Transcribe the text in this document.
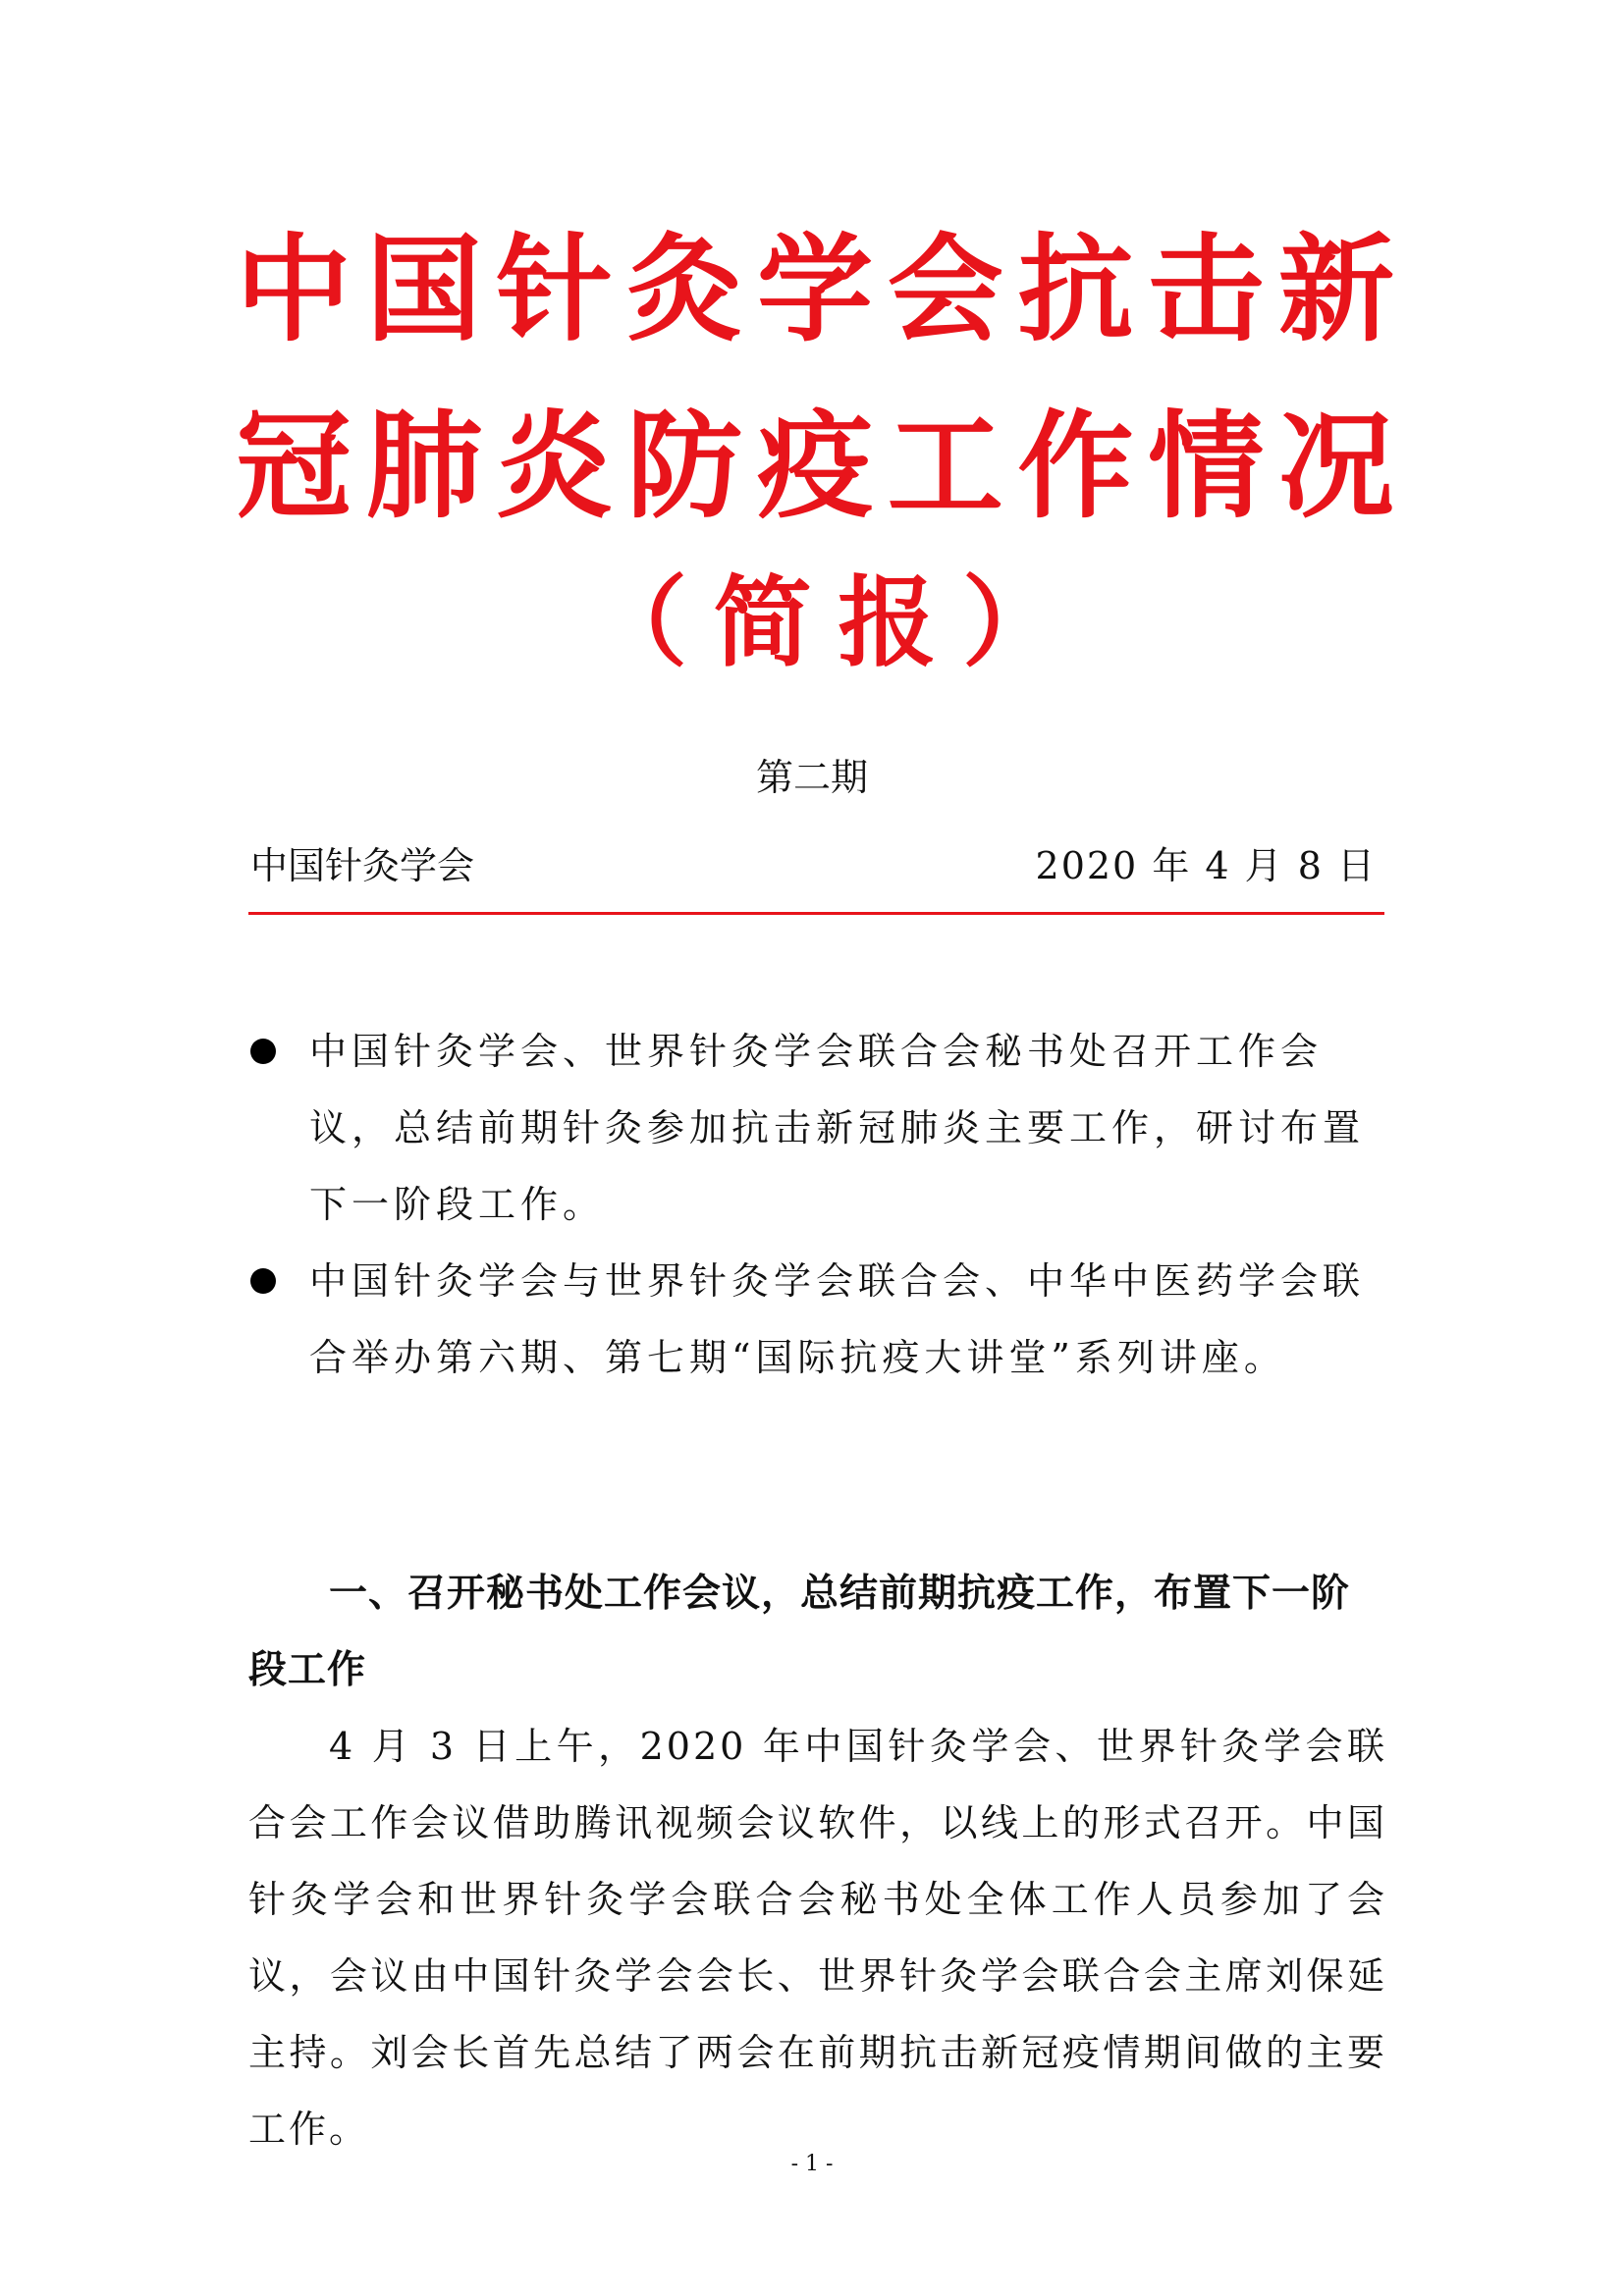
中国针灸学会抗击新
冠肺炎防疫工作情况
（ 简 报 ）
第二期
中国针灸学会	2020 年 4 月 8 日
中国针灸学会、世界针灸学会联合会秘书处召开工作会议，总结前期针灸参加抗击新冠肺炎主要工作，研讨布置下一阶段工作。
中国针灸学会与世界针灸学会联合会、中华中医药学会联合举办第六期、第七期“国际抗疫大讲堂”系列讲座。
一、召开秘书处工作会议，总结前期抗疫工作，布置下一阶段工作
4 月 3 日上午，2020 年中国针灸学会、世界针灸学会联合会工作会议借助腾讯视频会议软件，以线上的形式召开。中国针灸学会和世界针灸学会联合会秘书处全体工作人员参加了会议，会议由中国针灸学会会长、世界针灸学会联合会主席刘保延主持。刘会长首先总结了两会在前期抗击新冠疫情期间做的主要工作。
- 1 -
